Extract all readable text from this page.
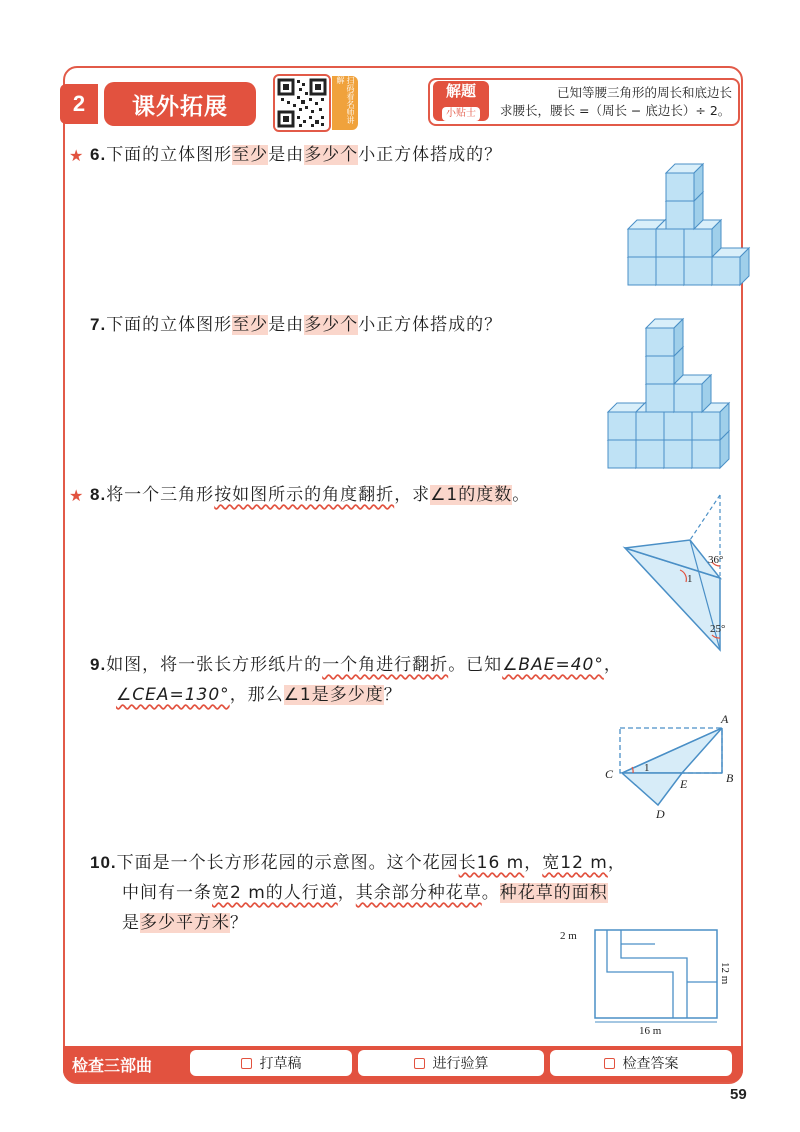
2	课外拓展	扫码看名师讲解
解题
小贴士
已知等腰三角形的周长和底边长
求腰长，腰长 =（周长 − 底边长）÷ 2。
★ 6.下面的立体图形至少是由多少个小正方体搭成的？
7.下面的立体图形至少是由多少个小正方体搭成的？
★ 8.将一个三角形按如图所示的角度翻折，求∠1的度数。
36°
25°
1
9.如图，将一张长方形纸片的一个角进行翻折。已知∠BAE=40°，
∠CEA=130°，那么∠1是多少度？
A
B
C
D
E
1
10.下面是一个长方形花园的示意图。这个花园长16 m，宽12 m，
中间有一条宽2 m的人行道，其余部分种花草。种花草的面积
是多少平方米？
2 m
16 m
12 m
检查三部曲	打草稿	进行验算	检查答案
59
